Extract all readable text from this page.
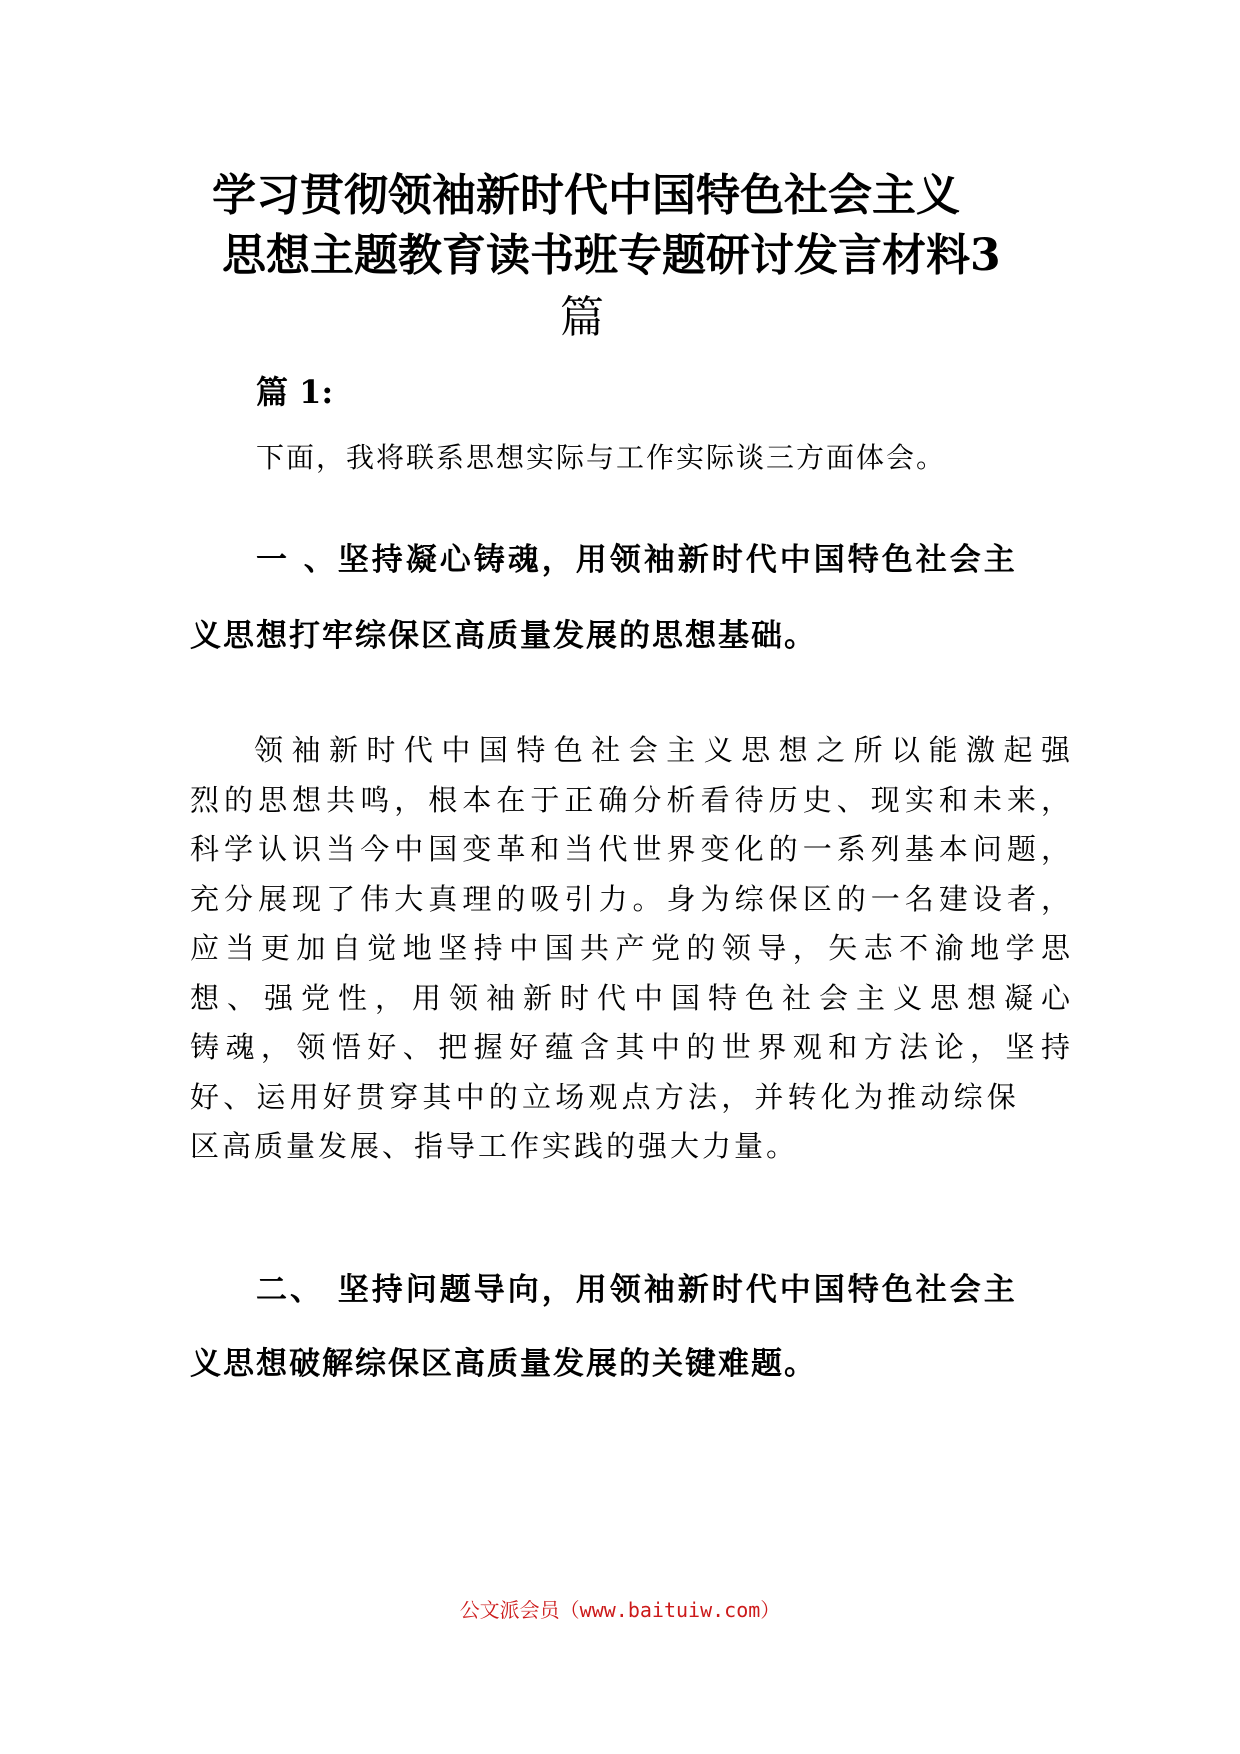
学习贯彻领袖新时代中国特色社会主义
思想主题教育读书班专题研讨发言材料3
篇
篇 1:
下面，我将联系思想实际与工作实际谈三方面体会。
一 、坚持凝心铸魂，用领袖新时代中国特色社会主
义思想打牢综保区高质量发展的思想基础。
领袖新时代中国特色社会主义思想之所以能激起强
烈的思想共鸣，根本在于正确分析看待历史、现实和未来，
科学认识当今中国变革和当代世界变化的一系列基本问题，
充分展现了伟大真理的吸引力。身为综保区的一名建设者，
应当更加自觉地坚持中国共产党的领导，矢志不渝地学思
想、强党性，用领袖新时代中国特色社会主义思想凝心
铸魂，领悟好、把握好蕴含其中的世界观和方法论，坚持
好、运用好贯穿其中的立场观点方法，并转化为推动综保
区高质量发展、指导工作实践的强大力量。
二、 坚持问题导向，用领袖新时代中国特色社会主
义思想破解综保区高质量发展的关键难题。
公文派会员（www.baituiw.com）
